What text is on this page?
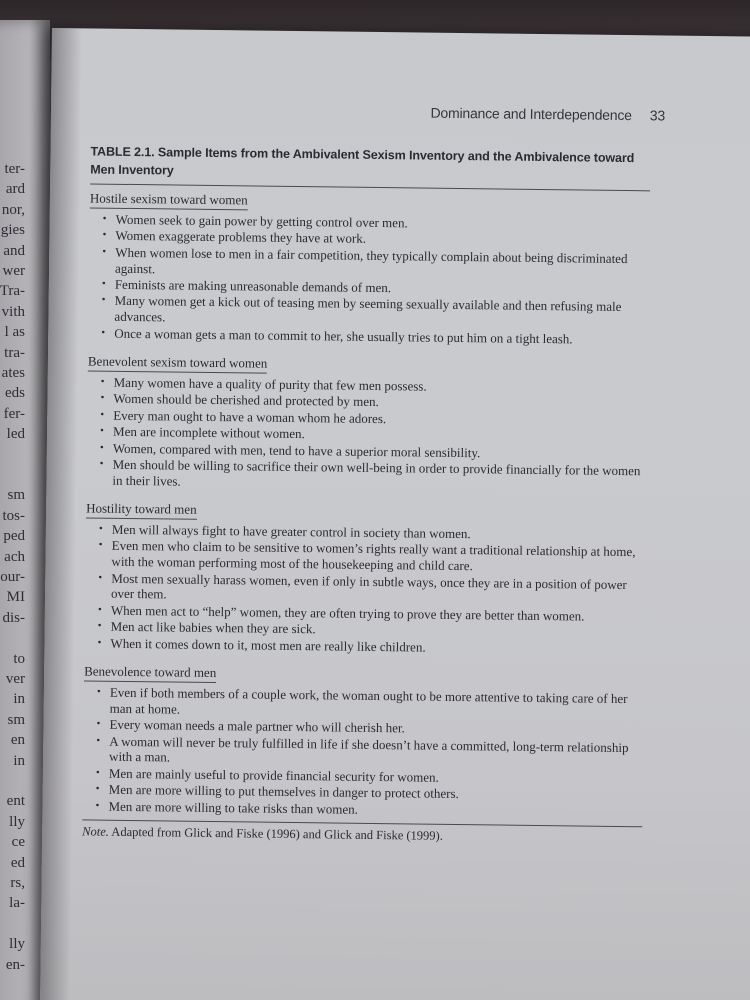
ter-
ard
nor,
gies
and
wer
Tra-
vith
l as
tra-
ates
eds
fer-
led
sm
tos-
ped
ach
our-
MI
dis-
to
ver
in
sm
en
in
ent
lly
ce
ed
rs,
la-
lly
en-
Dominance and Interdependence 33
TABLE 2.1. Sample Items from the Ambivalent Sexism Inventory and the Ambivalence toward Men Inventory
Hostile sexism toward women
• Women seek to gain power by getting control over men.
• Women exaggerate problems they have at work.
• When women lose to men in a fair competition, they typically complain about being discriminated against.
• Feminists are making unreasonable demands of men.
• Many women get a kick out of teasing men by seeming sexually available and then refusing male advances.
• Once a woman gets a man to commit to her, she usually tries to put him on a tight leash.
Benevolent sexism toward women
• Many women have a quality of purity that few men possess.
• Women should be cherished and protected by men.
• Every man ought to have a woman whom he adores.
• Men are incomplete without women.
• Women, compared with men, tend to have a superior moral sensibility.
• Men should be willing to sacrifice their own well-being in order to provide financially for the women in their lives.
Hostility toward men
• Men will always fight to have greater control in society than women.
• Even men who claim to be sensitive to women’s rights really want a traditional relationship at home, with the woman performing most of the housekeeping and child care.
• Most men sexually harass women, even if only in subtle ways, once they are in a position of power over them.
• When men act to “help” women, they are often trying to prove they are better than women.
• Men act like babies when they are sick.
• When it comes down to it, most men are really like children.
Benevolence toward men
• Even if both members of a couple work, the woman ought to be more attentive to taking care of her man at home.
• Every woman needs a male partner who will cherish her.
• A woman will never be truly fulfilled in life if she doesn’t have a committed, long-term relationship with a man.
• Men are mainly useful to provide financial security for women.
• Men are more willing to put themselves in danger to protect others.
• Men are more willing to take risks than women.
Note. Adapted from Glick and Fiske (1996) and Glick and Fiske (1999).
